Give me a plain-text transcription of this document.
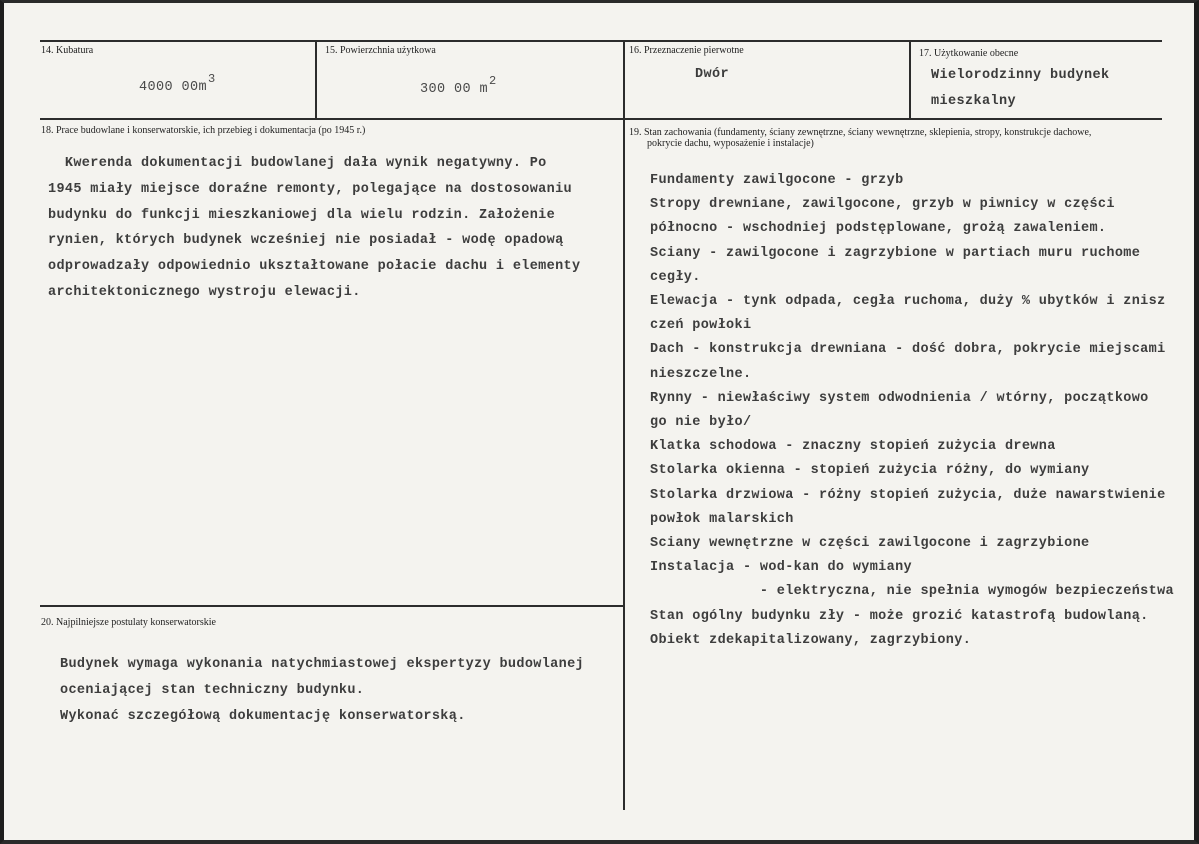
14. Kubatura

4000 00m3

15. Powierzchnia użytkowa

300 00 m2

16. Przeznaczenie pierwotne
Dwór
17. Użytkowanie obecne
Wielorodzinny budynek
mieszkalny
18. Prace budowlane i konserwatorskie, ich przebieg i dokumentacja (po 1945 r.)
Kwerenda dokumentacji budowlanej dała wynik negatywny. Po
1945 miały miejsce doraźne remonty, polegające na dostosowaniu
budynku do funkcji mieszkaniowej dla wielu rodzin. Założenie
rynien, których budynek wcześniej nie posiadał - wodę opadową
odprowadzały odpowiednio ukształtowane połacie dachu i elementy
architektonicznego wystroju elewacji.
19. Stan zachowania (fundamenty, ściany zewnętrzne, ściany wewnętrzne, sklepienia, stropy, konstrukcje dachowe,
pokrycie dachu, wyposażenie i instalacje)
Fundamenty zawilgocone - grzyb
Stropy drewniane, zawilgocone, grzyb w piwnicy w części
północno - wschodniej podstęplowane, grożą zawaleniem.
Sciany - zawilgocone i zagrzybione w partiach muru ruchome
cegły.
Elewacja - tynk odpada, cegła ruchoma, duży % ubytków i znisz
czeń powłoki
Dach - konstrukcja drewniana - dość dobra, pokrycie miejscami
nieszczelne.
Rynny - niewłaściwy system odwodnienia / wtórny, początkowo
go nie było/
Klatka schodowa - znaczny stopień zużycia drewna
Stolarka okienna - stopień zużycia różny, do wymiany
Stolarka drzwiowa - różny stopień zużycia, duże nawarstwienie
powłok malarskich
Sciany wewnętrzne w części zawilgocone i zagrzybione
Instalacja - wod-kan do wymiany
- elektryczna, nie spełnia wymogów bezpieczeństwa
Stan ogólny budynku zły - może grozić katastrofą budowlaną.
Obiekt zdekapitalizowany, zagrzybiony.
20. Najpilniejsze postulaty konserwatorskie
Budynek wymaga wykonania natychmiastowej ekspertyzy budowlanej
oceniającej stan techniczny budynku.
Wykonać szczegółową dokumentację konserwatorską.
